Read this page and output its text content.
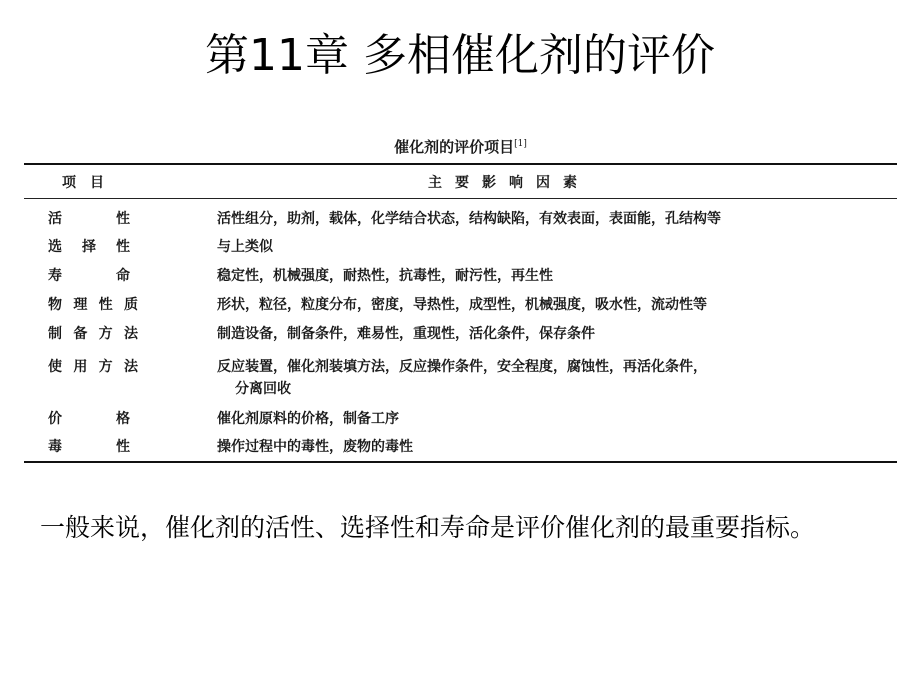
第11章 多相催化剂的评价
催化剂的评价项目[1]
项目	主要影响因素
活性	活性组分，助剂，载体，化学结合状态，结构缺陷，有效表面，表面能，孔结构等
选择性	与上类似
寿命	稳定性，机械强度，耐热性，抗毒性，耐污性，再生性
物理性质	形状，粒径，粒度分布，密度，导热性，成型性，机械强度，吸水性，流动性等
制备方法	制造设备，制备条件，难易性，重现性，活化条件，保存条件
使用方法	反应装置，催化剂装填方法，反应操作条件，安全程度，腐蚀性，再活化条件，
分离回收
价格	催化剂原料的价格，制备工序
毒性	操作过程中的毒性，废物的毒性
一般来说，催化剂的活性、选择性和寿命是评价催化剂的最重要指标。
